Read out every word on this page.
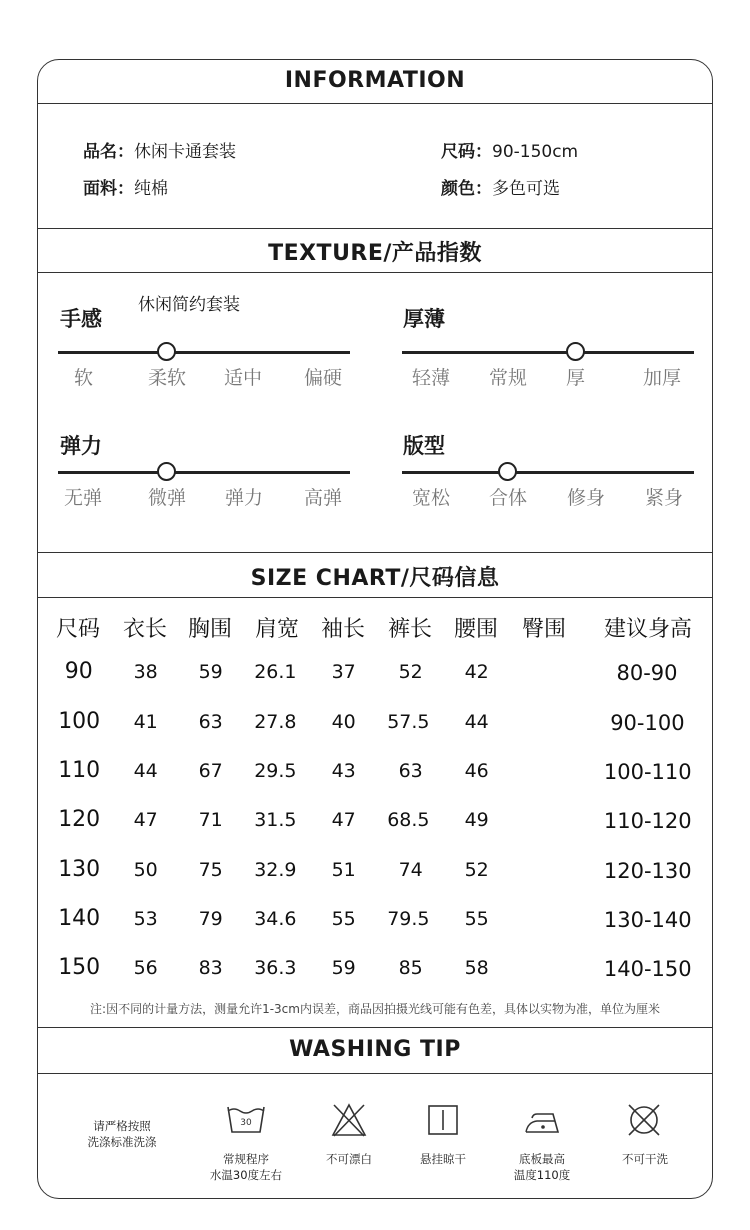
INFORMATION
品名：休闲卡通套装	尺码：90-150cm
面料：纯棉	颜色：多色可选
TEXTURE/产品指数
手感
休闲简约套装
厚薄
软	柔软 适中 偏硬	轻薄 常规 厚	加厚
弹力	版型
无弹 微弹 弹力 高弹	宽松 合体 修身 紧身
SIZE CHART/尺码信息
尺码 衣长 胸围 肩宽 袖长 裤长 腰围 臀围 建议身高
90 38 59 26.1 37 52 42	80-90
100 41 63 27.8 40 57.5 44	90-100
110 44 67 29.5 43 63 46	100-110
120 47 71 31.5 47 68.5 49	110-120
130 50 75 32.9 51 74 52	120-130
140 53 79 34.6 55 79.5 55	130-140
150 56 83 36.3 59 85 58	140-150
注:因不同的计量方法，测量允许1-3cm内误差，商品因拍摄光线可能有色差，具体以实物为准，单位为厘米
WASHING TIP
请严格按照
洗涤标准洗涤
30
常规程序
水温30度左右
不可漂白	悬挂晾干	底板最高
温度110度
不可干洗
